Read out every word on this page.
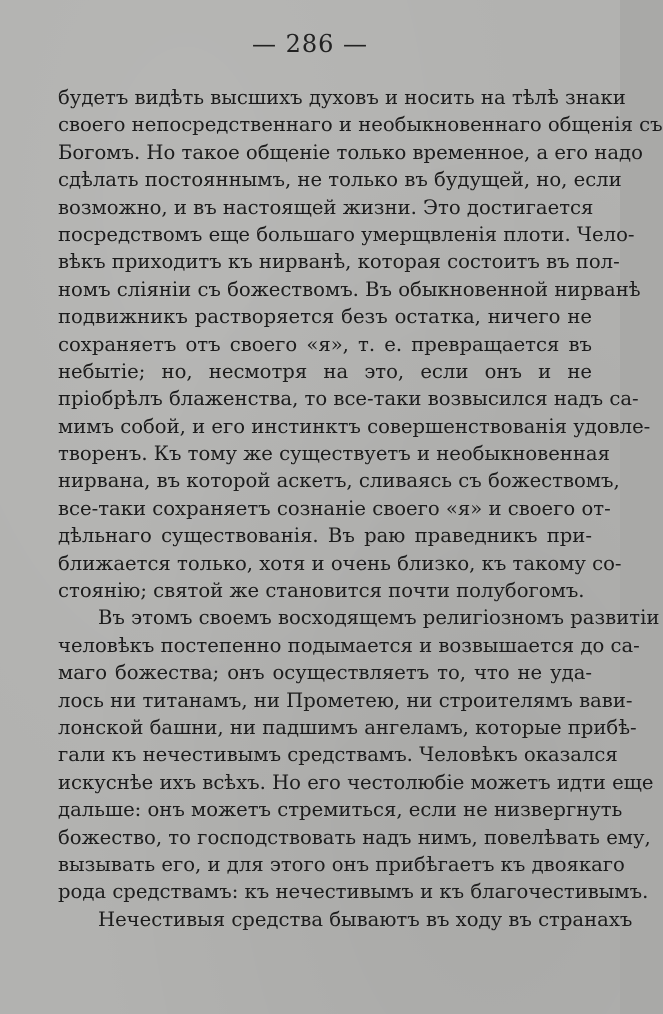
— 286 —
будетъ видѣть высшихъ духовъ и носить на тѣлѣ знаки
своего непосредственнаго и необыкновеннаго общенія съ
Богомъ. Но такое общеніе только временное, а его надо
сдѣлать постояннымъ, не только въ будущей, но, если
возможно, и въ настоящей жизни. Это достигается
посредствомъ еще большаго умерщвленія плоти. Чело-
вѣкъ приходитъ къ нирванѣ, которая состоитъ въ пол-
номъ сліяніи съ божествомъ. Въ обыкновенной нирванѣ
подвижникъ растворяется безъ остатка, ничего не
сохраняетъ отъ своего «я», т. е. превращается въ
небытіе; но, несмотря на это, если онъ и не
пріобрѣлъ блаженства, то все-таки возвысился надъ са-
мимъ собой, и его инстинктъ совершенствованія удовле-
творенъ. Къ тому же существуетъ и необыкновенная
нирвана, въ которой аскетъ, сливаясь съ божествомъ,
все-таки сохраняетъ сознаніе своего «я» и своего от-
дѣльнаго существованія. Въ раю праведникъ при-
ближается только, хотя и очень близко, къ такому со-
стоянію; святой же становится почти полубогомъ.
Въ этомъ своемъ восходящемъ религіозномъ развитіи
человѣкъ постепенно подымается и возвышается до са-
маго божества; онъ осуществляетъ то, что не уда-
лось ни титанамъ, ни Прометею, ни строителямъ вави-
лонской башни, ни падшимъ ангеламъ, которые прибѣ-
гали къ нечестивымъ средствамъ. Человѣкъ оказался
искуснѣе ихъ всѣхъ. Но его честолюбіе можетъ идти еще
дальше: онъ можетъ стремиться, если не низвергнуть
божество, то господствовать надъ нимъ, повелѣвать ему,
вызывать его, и для этого онъ прибѣгаетъ къ двоякаго
рода средствамъ: къ нечестивымъ и къ благочестивымъ.
Нечестивыя средства бываютъ въ ходу въ странахъ
